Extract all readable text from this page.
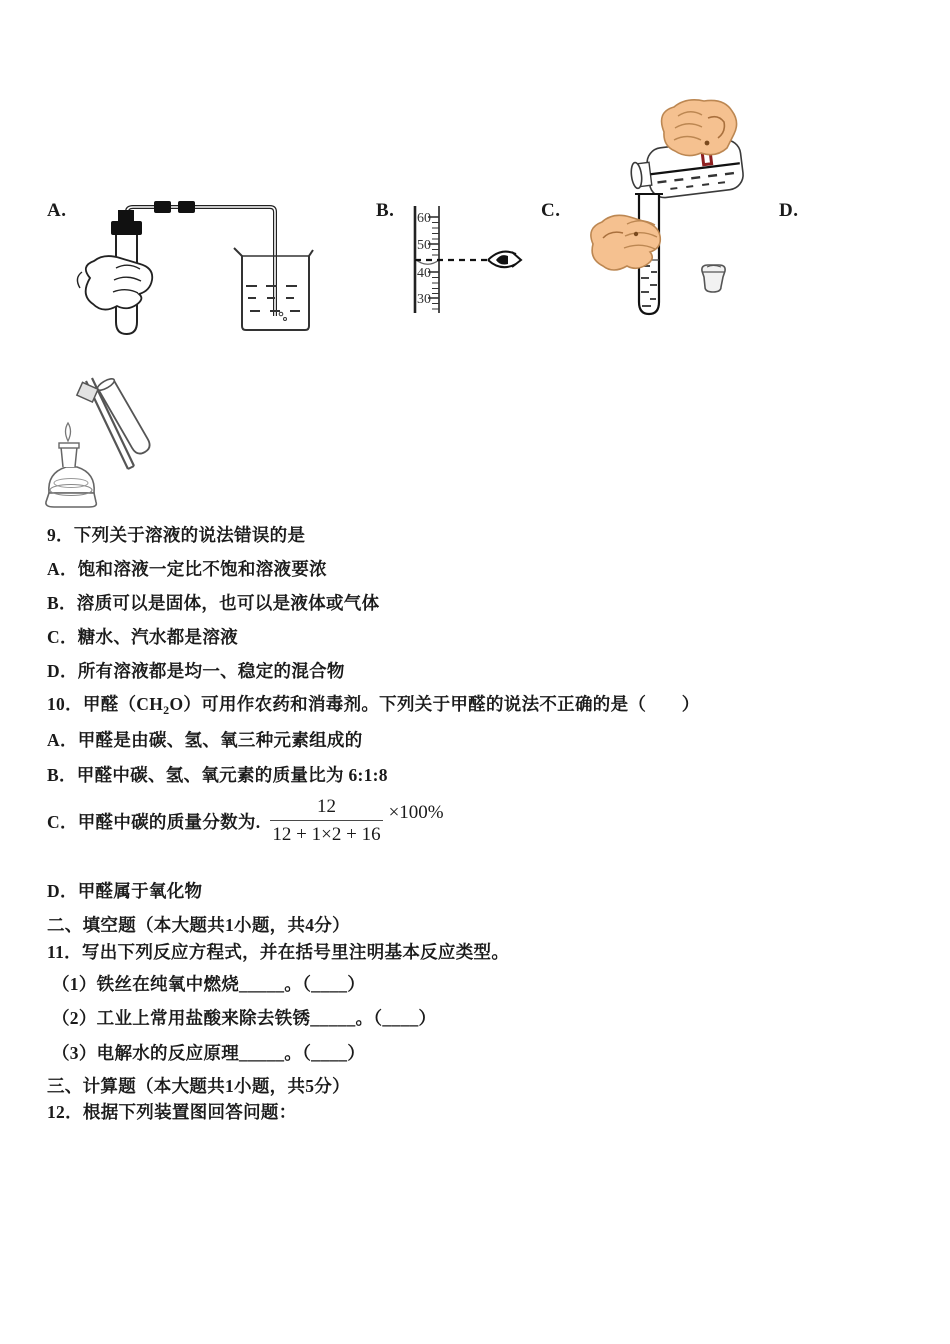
A.	B. 60
50
40
30
C.	D.
9．下列关于溶液的说法错误的是
A．饱和溶液一定比不饱和溶液要浓
B．溶质可以是固体，也可以是液体或气体
C．糖水、汽水都是溶液
D．所有溶液都是均一、稳定的混合物
10．甲醛$(CH_2O)$可用作农药和消毒剂。下列关于甲醛的说法不正确的是（　　）
A．甲醛是由碳、氢、氧三种元素组成的
B．甲醛中碳、氢、氧元素的质量比为 6:1:8
C．甲醛中碳的质量分数为. $\frac{12}{12 + 1\times 2 + 16} \times 100\%$
D．甲醛属于氧化物
二、填空题（本大题共1小题，共4分）
11．写出下列反应方程式，并在括号里注明基本反应类型。
（1）铁丝在纯氧中燃烧_____。（____）
（2）工业上常用盐酸来除去铁锈_____。（____）
（3）电解水的反应原理_____。（____）
三、计算题（本大题共1小题，共5分）
12．根据下列装置图回答问题：
